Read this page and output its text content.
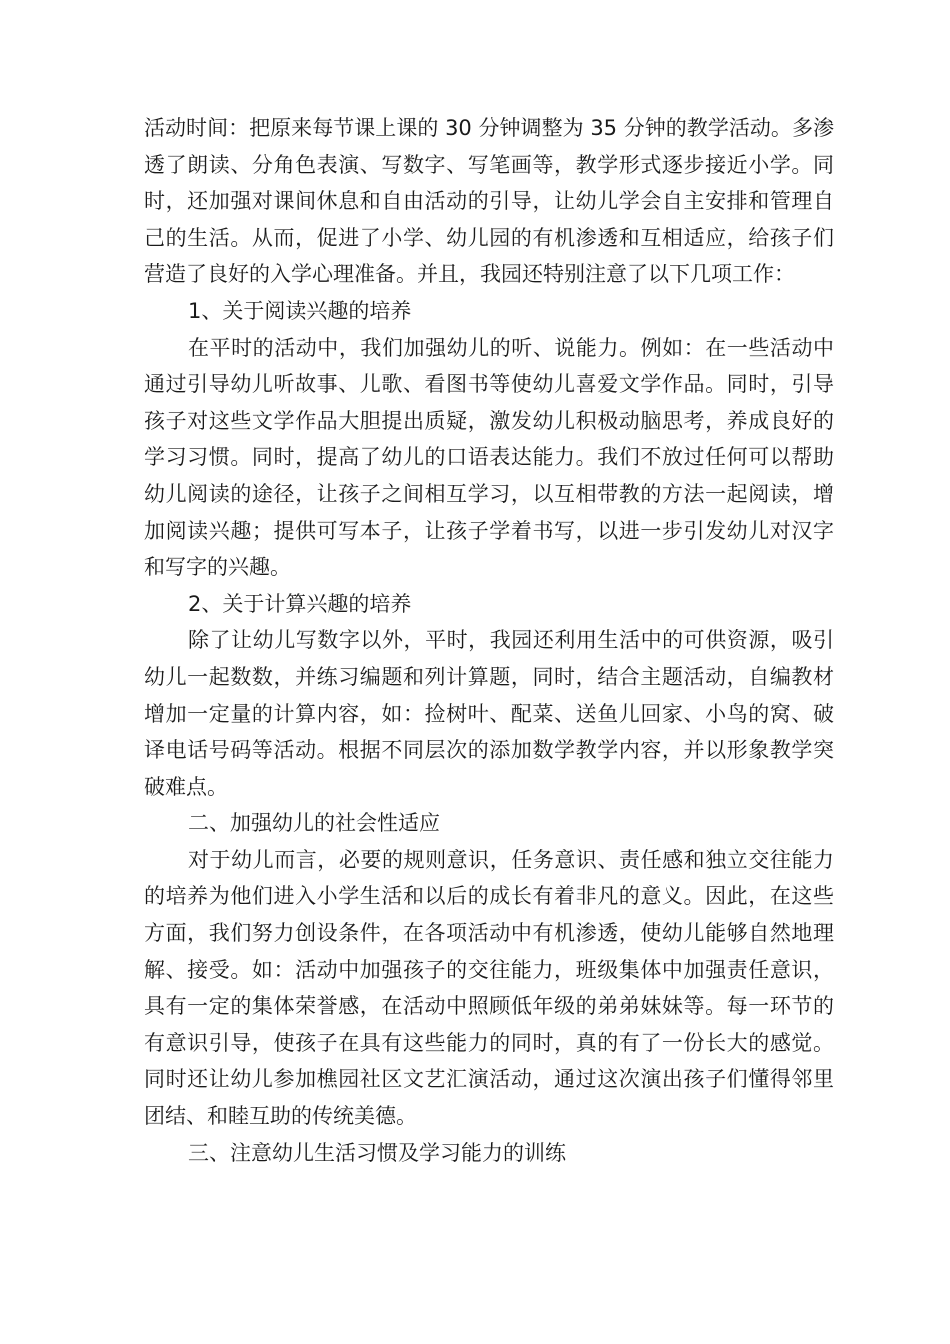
活动时间：把原来每节课上课的 30 分钟调整为 35 分钟的教学活动。多渗透了朗读、分角色表演、写数字、写笔画等，教学形式逐步接近小学。同时，还加强对课间休息和自由活动的引导，让幼儿学会自主安排和管理自己的生活。从而，促进了小学、幼儿园的有机渗透和互相适应，给孩子们营造了良好的入学心理准备。并且，我园还特别注意了以下几项工作：

1、关于阅读兴趣的培养

在平时的活动中，我们加强幼儿的听、说能力。例如：在一些活动中通过引导幼儿听故事、儿歌、看图书等使幼儿喜爱文学作品。同时，引导孩子对这些文学作品大胆提出质疑，激发幼儿积极动脑思考，养成良好的学习习惯。同时，提高了幼儿的口语表达能力。我们不放过任何可以帮助幼儿阅读的途径，让孩子之间相互学习，以互相带教的方法一起阅读，增加阅读兴趣；提供可写本子，让孩子学着书写，以进一步引发幼儿对汉字和写字的兴趣。

2、关于计算兴趣的培养

除了让幼儿写数字以外，平时，我园还利用生活中的可供资源，吸引幼儿一起数数，并练习编题和列计算题，同时，结合主题活动，自编教材增加一定量的计算内容，如：捡树叶、配菜、送鱼儿回家、小鸟的窝、破译电话号码等活动。根据不同层次的添加数学教学内容，并以形象教学突破难点。

二、加强幼儿的社会性适应

对于幼儿而言，必要的规则意识，任务意识、责任感和独立交往能力的培养为他们进入小学生活和以后的成长有着非凡的意义。因此，在这些方面，我们努力创设条件，在各项活动中有机渗透，使幼儿能够自然地理解、接受。如：活动中加强孩子的交往能力，班级集体中加强责任意识，具有一定的集体荣誉感，在活动中照顾低年级的弟弟妹妹等。每一环节的有意识引导，使孩子在具有这些能力的同时，真的有了一份长大的感觉。同时还让幼儿参加樵园社区文艺汇演活动，通过这次演出孩子们懂得邻里团结、和睦互助的传统美德。

三、注意幼儿生活习惯及学习能力的训练
